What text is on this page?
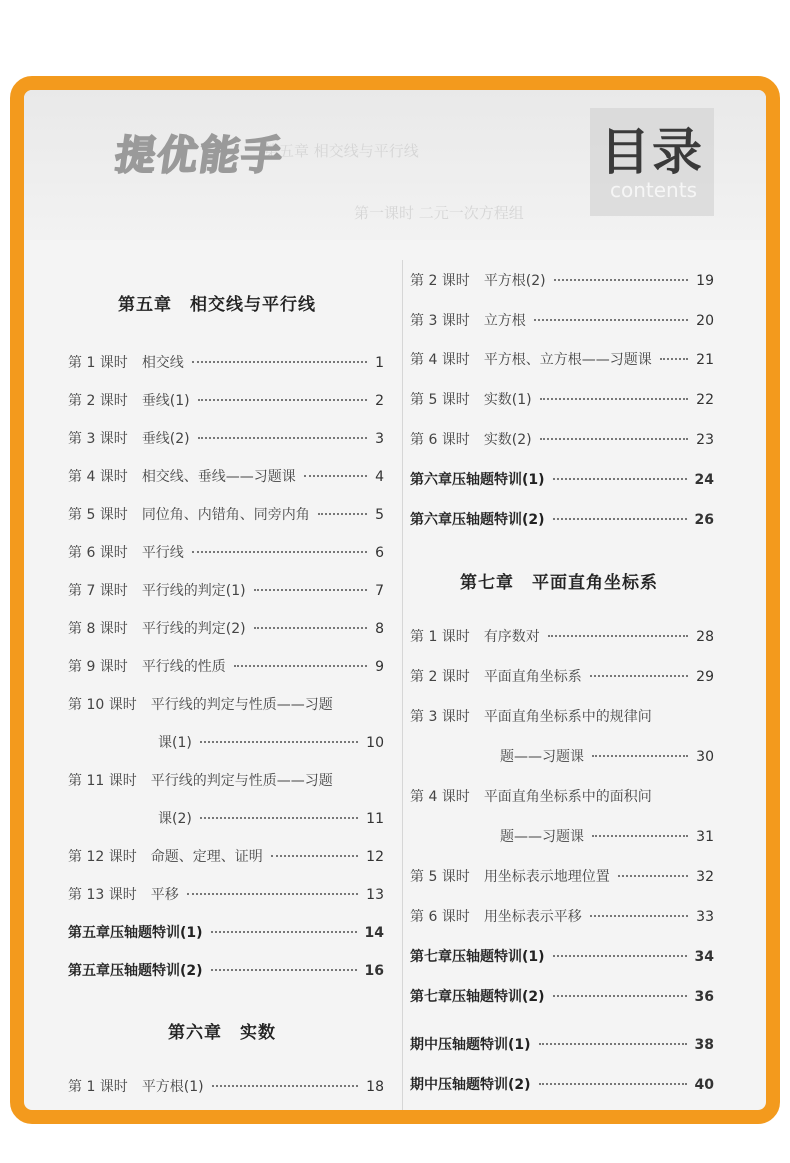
第五章 相交线与平行线
第一课时 二元一次方程组
提优能手	目录
contents
第五章　相交线与平行线
第 1 课时 相交线	1
第 2 课时 垂线(1)	2
第 3 课时 垂线(2)	3
第 4 课时 相交线、垂线——习题课	4
第 5 课时 同位角、内错角、同旁内角	5
第 6 课时 平行线	6
第 7 课时 平行线的判定(1)	7
第 8 课时 平行线的判定(2)	8
第 9 课时 平行线的性质	9
第 10 课时 平行线的判定与性质——习题
课(1)	10
第 11 课时 平行线的判定与性质——习题
课(2)	11
第 12 课时 命题、定理、证明	12
第 13 课时 平移	13
第五章压轴题特训(1)	14
第五章压轴题特训(2)	16
第六章　实数
第 1 课时 平方根(1)	18
第 2 课时 平方根(2)	19
第 3 课时 立方根	20
第 4 课时 平方根、立方根——习题课	21
第 5 课时 实数(1)	22
第 6 课时 实数(2)	23
第六章压轴题特训(1)	24
第六章压轴题特训(2)	26
第七章　平面直角坐标系
第 1 课时 有序数对	28
第 2 课时 平面直角坐标系	29
第 3 课时 平面直角坐标系中的规律问
题——习题课	30
第 4 课时 平面直角坐标系中的面积问
题——习题课	31
第 5 课时 用坐标表示地理位置	32
第 6 课时 用坐标表示平移	33
第七章压轴题特训(1)	34
第七章压轴题特训(2)	36
期中压轴题特训(1)	38
期中压轴题特训(2)	40
